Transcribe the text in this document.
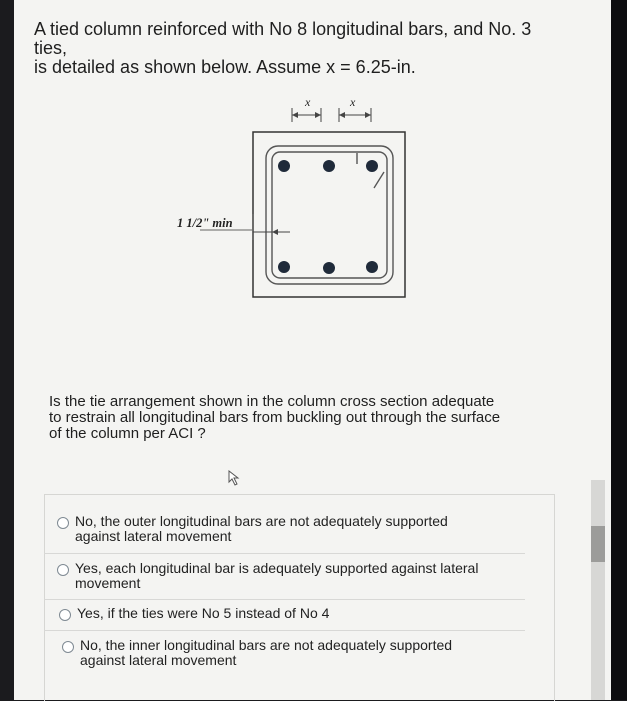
A tied column reinforced with No 8 longitudinal bars, and No. 3 ties,

is detailed as shown below. Assume x = 6.25-in.

x	x
1 1/2" min

Is the tie arrangement shown in the column cross section adequate

to restrain all longitudinal bars from buckling out through the surface

of the column per ACI ?

No, the outer longitudinal bars are not adequately supported

against lateral movement

Yes, each longitudinal bar is adequately supported against lateral

movement

Yes, if the ties were No 5 instead of No 4

No, the inner longitudinal bars are not adequately supported

against lateral movement
